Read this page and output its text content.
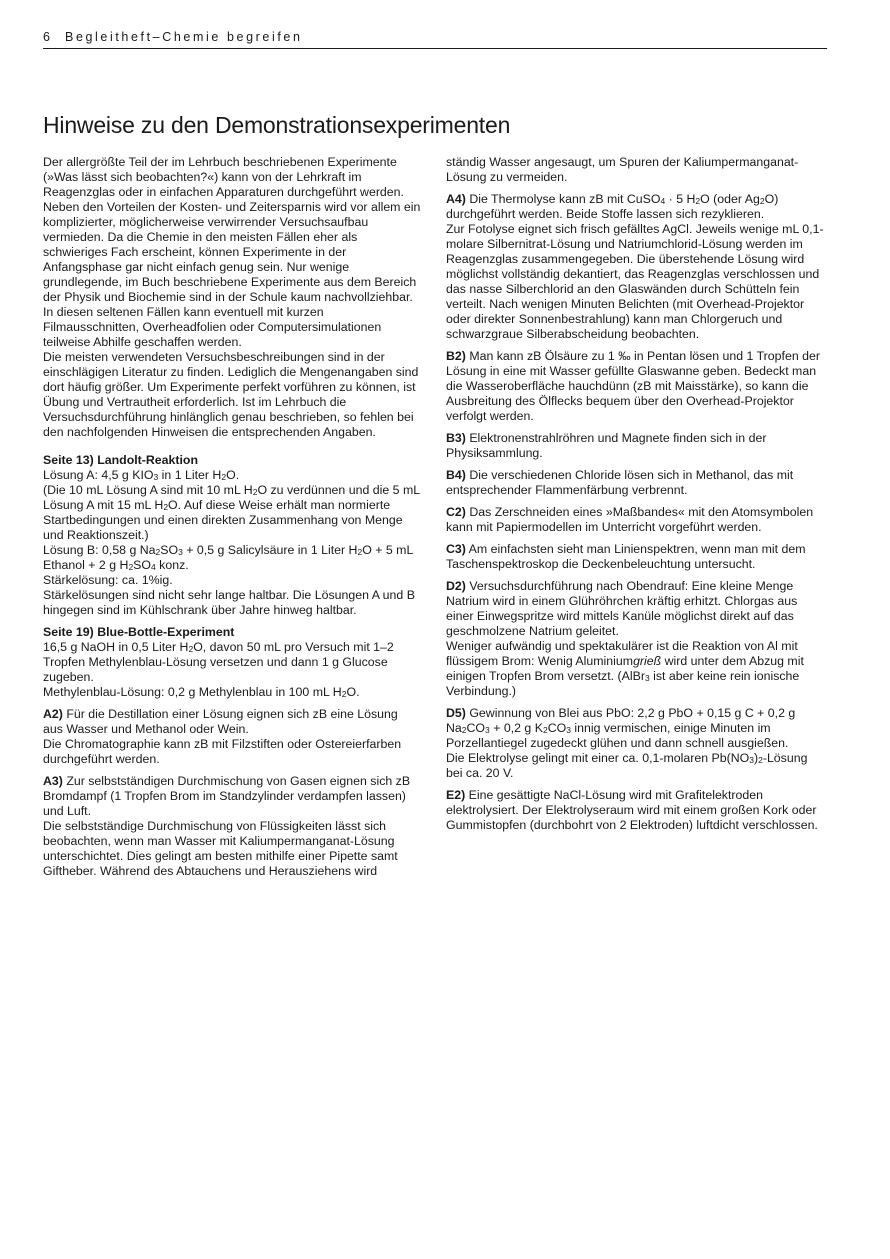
6 Begleitheft–Chemie begreifen
Hinweise zu den Demonstrationsexperimenten

Der allergrößte Teil der im Lehrbuch beschriebenen Experimente (»Was lässt sich beobachten?«) kann von der Lehrkraft im Reagenzglas oder in einfachen Apparaturen durchgeführt werden. Neben den Vorteilen der Kosten- und Zeitersparnis wird vor allem ein komplizierter, möglicherweise verwirrender Versuchsaufbau vermieden. Da die Chemie in den meisten Fällen eher als schwieriges Fach erscheint, können Experimente in der Anfangsphase gar nicht einfach genug sein. Nur wenige grundlegende, im Buch beschriebene Experimente aus dem Bereich der Physik und Biochemie sind in der Schule kaum nachvollziehbar. In diesen seltenen Fällen kann eventuell mit kurzen Filmausschnitten, Overheadfolien oder Computersimulationen teilweise Abhilfe geschaffen werden.

Die meisten verwendeten Versuchsbeschreibungen sind in der einschlägigen Literatur zu finden. Lediglich die Mengenangaben sind dort häufig größer. Um Experimente perfekt vorführen zu können, ist Übung und Vertrautheit erforderlich. Ist im Lehrbuch die Versuchsdurchführung hinlänglich genau beschrieben, so fehlen bei den nachfolgenden Hinweisen die entsprechenden Angaben.

Seite 13) Landolt-Reaktion
Lösung A: 4,5 g KIO3 in 1 Liter H2O.
(Die 10 mL Lösung A sind mit 10 mL H2O zu verdünnen und die 5 mL Lösung A mit 15 mL H2O. Auf diese Weise erhält man normierte Startbedingungen und einen direkten Zusammenhang von Menge und Reaktionszeit.)
Lösung B: 0,58 g Na2SO3 + 0,5 g Salicylsäure in 1 Liter H2O + 5 mL Ethanol + 2 g H2SO4 konz.
Stärkelösung: ca. 1%ig.
Stärkelösungen sind nicht sehr lange haltbar. Die Lösungen A und B hingegen sind im Kühlschrank über Jahre hinweg haltbar.

Seite 19) Blue-Bottle-Experiment
16,5 g NaOH in 0,5 Liter H2O, davon 50 mL pro Versuch mit 1–2 Tropfen Methylenblau-Lösung versetzen und dann 1 g Glucose zugeben.
Methylenblau-Lösung: 0,2 g Methylenblau in 100 mL H2O.

A2) Für die Destillation einer Lösung eignen sich zB eine Lösung aus Wasser und Methanol oder Wein.
Die Chromatographie kann zB mit Filzstiften oder Ostereierfarben durchgeführt werden.

A3) Zur selbstständigen Durchmischung von Gasen eignen sich zB Bromdampf (1 Tropfen Brom im Standzylinder verdampfen lassen) und Luft.
Die selbstständige Durchmischung von Flüssigkeiten lässt sich beobachten, wenn man Wasser mit Kaliumpermanganat-Lösung unterschichtet. Dies gelingt am besten mithilfe einer Pipette samt Giftheber. Während des Abtauchens und Herausziehens wird

ständig Wasser angesaugt, um Spuren der Kaliumpermanganat-Lösung zu vermeiden.

A4) Die Thermolyse kann zB mit CuSO4 · 5 H2O (oder Ag2O) durchgeführt werden. Beide Stoffe lassen sich rezyklieren.
Zur Fotolyse eignet sich frisch gefälltes AgCl. Jeweils wenige mL 0,1-molare Silbernitrat-Lösung und Natriumchlorid-Lösung werden im Reagenzglas zusammengegeben. Die überstehende Lösung wird möglichst vollständig dekantiert, das Reagenzglas verschlossen und das nasse Silberchlorid an den Glaswänden durch Schütteln fein verteilt. Nach wenigen Minuten Belichten (mit Overhead-Projektor oder direkter Sonnenbestrahlung) kann man Chlorgeruch und schwarzgraue Silberabscheidung beobachten.

B2) Man kann zB Ölsäure zu 1 ‰ in Pentan lösen und 1 Tropfen der Lösung in eine mit Wasser gefüllte Glaswanne geben. Bedeckt man die Wasseroberfläche hauchdünn (zB mit Maisstärke), so kann die Ausbreitung des Ölflecks bequem über den Overhead-Projektor verfolgt werden.

B3) Elektronenstrahlröhren und Magnete finden sich in der Physiksammlung.

B4) Die verschiedenen Chloride lösen sich in Methanol, das mit entsprechender Flammenfärbung verbrennt.

C2) Das Zerschneiden eines »Maßbandes« mit den Atomsymbolen kann mit Papiermodellen im Unterricht vorgeführt werden.

C3) Am einfachsten sieht man Linienspektren, wenn man mit dem Taschenspektroskop die Deckenbeleuchtung untersucht.

D2) Versuchsdurchführung nach Obendrauf: Eine kleine Menge Natrium wird in einem Glühröhrchen kräftig erhitzt. Chlorgas aus einer Einwegspritze wird mittels Kanüle möglichst direkt auf das geschmolzene Natrium geleitet.
Weniger aufwändig und spektakulärer ist die Reaktion von Al mit flüssigem Brom: Wenig Aluminiumgrieß wird unter dem Abzug mit einigen Tropfen Brom versetzt. (AlBr3 ist aber keine rein ionische Verbindung.)

D5) Gewinnung von Blei aus PbO: 2,2 g PbO + 0,15 g C + 0,2 g Na2CO3 + 0,2 g K2CO3 innig vermischen, einige Minuten im Porzellantiegel zugedeckt glühen und dann schnell ausgießen.
Die Elektrolyse gelingt mit einer ca. 0,1-molaren Pb(NO3)2-Lösung bei ca. 20 V.

E2) Eine gesättigte NaCl-Lösung wird mit Grafitelektroden elektrolysiert. Der Elektrolyseraum wird mit einem großen Kork oder Gummistopfen (durchbohrt von 2 Elektroden) luftdicht verschlossen.
